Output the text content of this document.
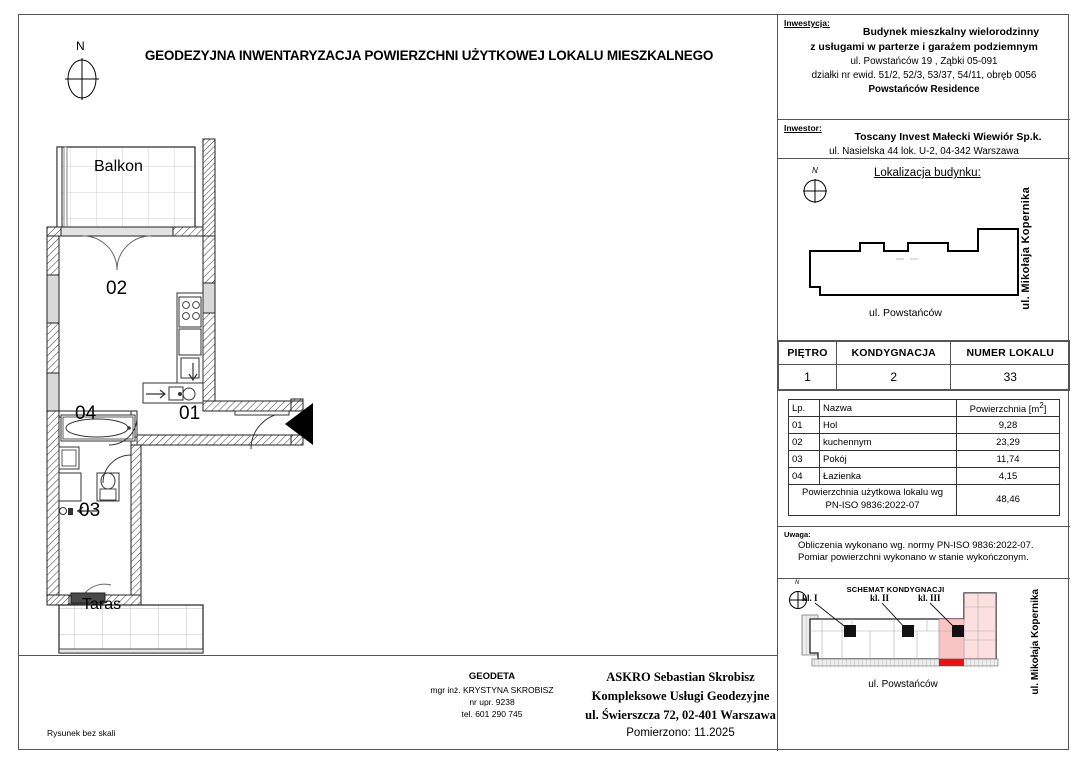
N
GEODEZYJNA INWENTARYZACJA POWIERZCHNI UŻYTKOWEJ LOKALU MIESZKALNEGO
02
04	01
03
Balkon
Taras
GEODETA
mgr inż. KRYSTYNA SKROBISZ
nr upr. 9238
tel. 601 290 745
ASKRO Sebastian Skrobisz
Kompleksowe Usługi Geodezyjne
ul. Świerszcza 72, 02-401 Warszawa
Pomierzono: 11.2025
Rysunek bez skali
Inwestycja:
Budynek mieszkalny wielorodzinny
z usługami w parterze i garażem podziemnym
ul. Powstańców 19 , Ząbki 05-091
działki nr ewid. 51/2, 52/3, 53/37, 54/11, obręb 0056
Powstańców Residence
Inwestor:
Toscany Invest Małecki Wiewiór Sp.k.
ul. Nasielska 44 lok. U-2, 04-342 Warszawa
Lokalizacja budynku:
N
ul. Powstańców
ul. Mikołaja Kopernika
PIĘTRO	KONDYGNACJA	NUMER LOKALU
1	2	33
Lp.	Nazwa	Powierzchnia $[m^2]$
01	Hol	9,28
02	kuchennym	23,29
03	Pokój	11,74
04	Łazienka	4,15
Powierzchnia użytkowa lokalu wg
PN-ISO 9836:2022-07		48,46
Uwaga:

Obliczenia wykonano wg. normy PN-ISO 9836:2022-07.

Pomiar powierzchni wykonano w stanie wykończonym.

N
SCHEMAT KONDYGNACJI
kl. I	kl. II	kl. III
ul. Powstańców	ul. Mikołaja Kopernika
